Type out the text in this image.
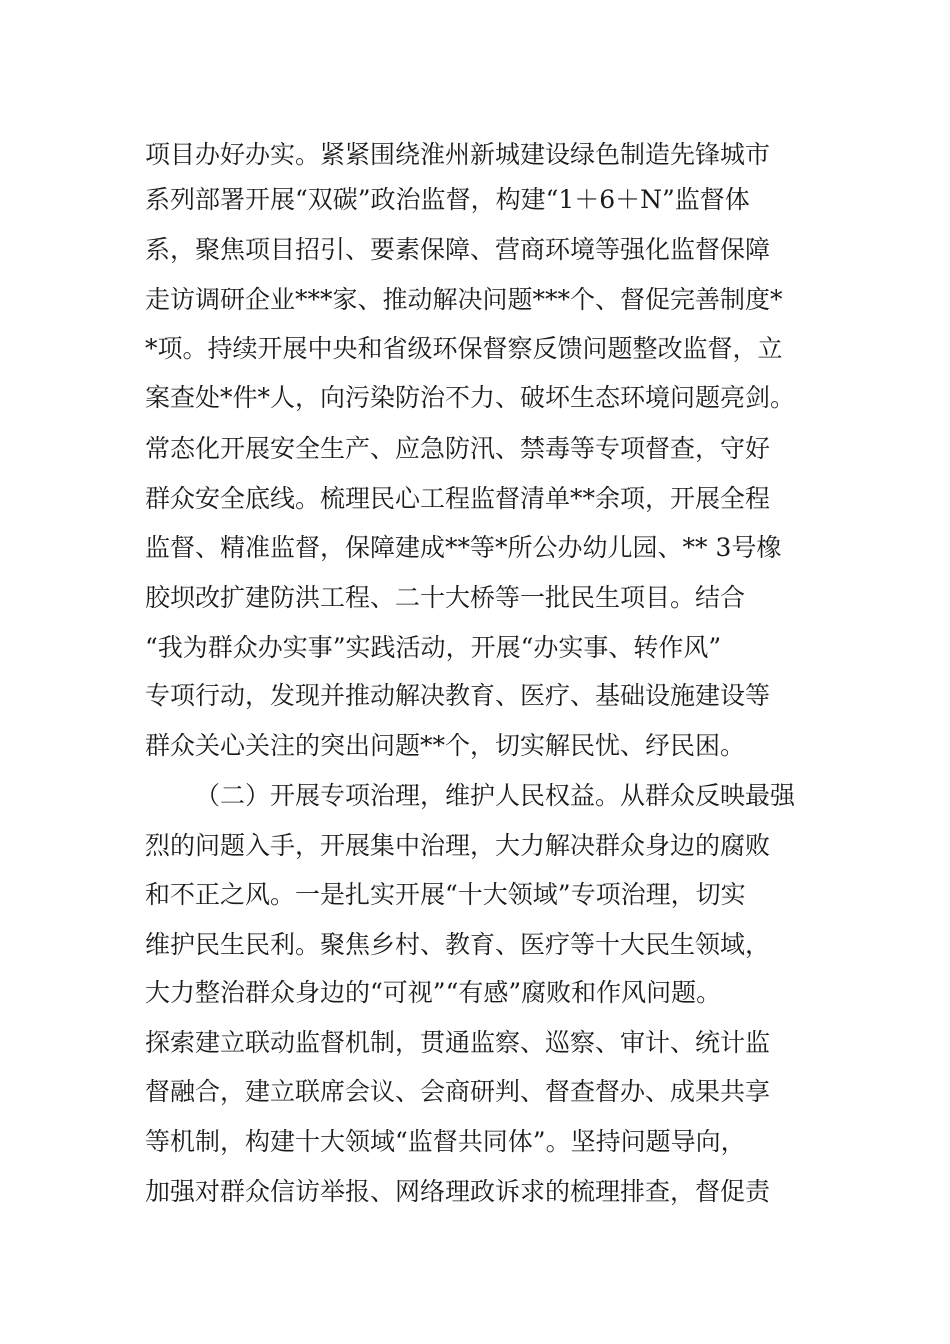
项目办好办实。紧紧围绕淮州新城建设绿色制造先锋城市
系列部署开展“双碳”政治监督，构建“1＋6＋N”监督体
系，聚焦项目招引、要素保障、营商环境等强化监督保障
走访调研企业***家、推动解决问题***个、督促完善制度*
*项。持续开展中央和省级环保督察反馈问题整改监督，立
案查处*件*人，向污染防治不力、破坏生态环境问题亮剑。
常态化开展安全生产、应急防汛、禁毒等专项督查，守好
群众安全底线。梳理民心工程监督清单**余项，开展全程
监督、精准监督，保障建成**等*所公办幼儿园、** 3号橡
胶坝改扩建防洪工程、二十大桥等一批民生项目。结合
“我为群众办实事”实践活动，开展“办实事、转作风”
专项行动，发现并推动解决教育、医疗、基础设施建设等
群众关心关注的突出问题**个，切实解民忧、纾民困。
（二）开展专项治理，维护人民权益。从群众反映最强
烈的问题入手，开展集中治理，大力解决群众身边的腐败
和不正之风。一是扎实开展“十大领域”专项治理，切实
维护民生民利。聚焦乡村、教育、医疗等十大民生领域，
大力整治群众身边的“可视”“有感”腐败和作风问题。
探索建立联动监督机制，贯通监察、巡察、审计、统计监
督融合，建立联席会议、会商研判、督查督办、成果共享
等机制，构建十大领域“监督共同体”。坚持问题导向，
加强对群众信访举报、网络理政诉求的梳理排查，督促责
